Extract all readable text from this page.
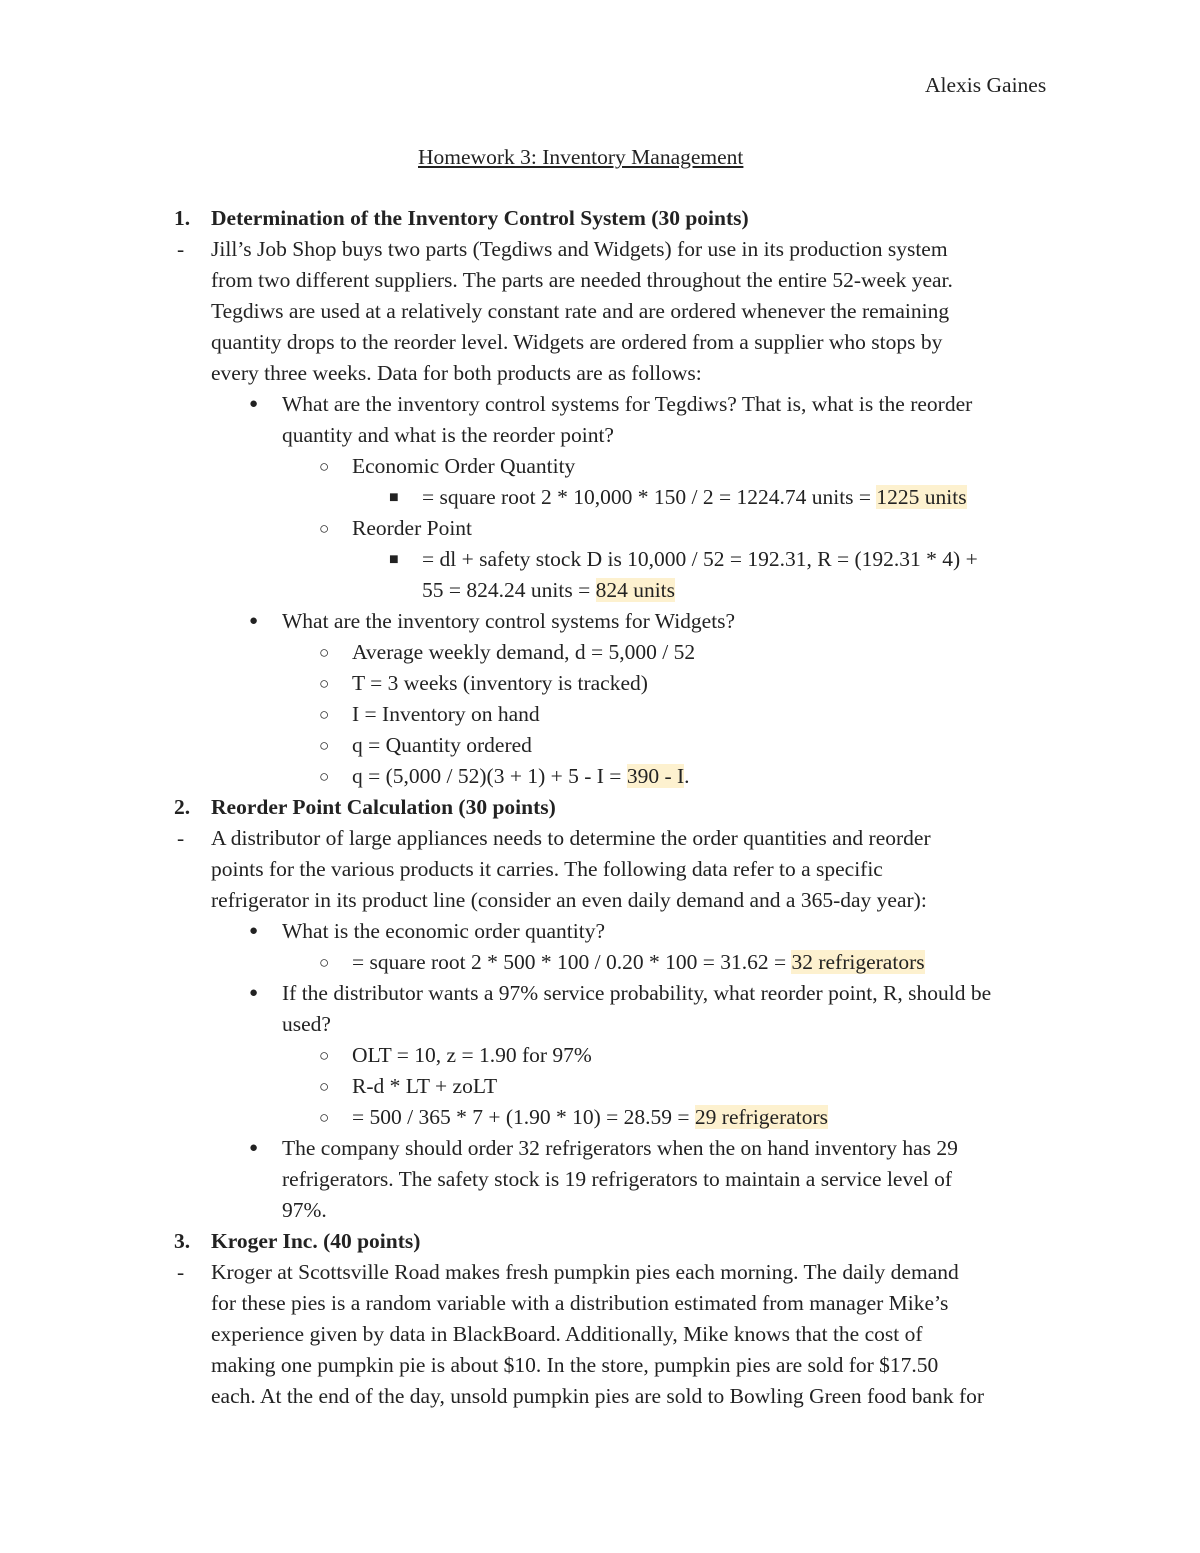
Alexis Gaines
Homework 3: Inventory Management
1. Determination of the Inventory Control System (30 points)
- Jill’s Job Shop buys two parts (Tegdiws and Widgets) for use in its production system
from two different suppliers. The parts are needed throughout the entire 52-week year.
Tegdiws are used at a relatively constant rate and are ordered whenever the remaining
quantity drops to the reorder level. Widgets are ordered from a supplier who stops by
every three weeks. Data for both products are as follows:
● What are the inventory control systems for Tegdiws? That is, what is the reorder
quantity and what is the reorder point?
○ Economic Order Quantity
■ = square root 2 * 10,000 * 150 / 2 = 1224.74 units = 1225 units
○ Reorder Point
■ = dl + safety stock D is 10,000 / 52 = 192.31, R = (192.31 * 4) +
55 = 824.24 units = 824 units
● What are the inventory control systems for Widgets?
○ Average weekly demand, d = 5,000 / 52
○ T = 3 weeks (inventory is tracked)
○ I = Inventory on hand
○ q = Quantity ordered
○ q = (5,000 / 52)(3 + 1) + 5 - I = 390 - I.
2. Reorder Point Calculation (30 points)
- A distributor of large appliances needs to determine the order quantities and reorder
points for the various products it carries. The following data refer to a specific
refrigerator in its product line (consider an even daily demand and a 365-day year):
● What is the economic order quantity?
○ = square root 2 * 500 * 100 / 0.20 * 100 = 31.62 = 32 refrigerators
● If the distributor wants a 97% service probability, what reorder point, R, should be
used?
○ OLT = 10, z = 1.90 for 97%
○ R-d * LT + zoLT
○ = 500 / 365 * 7 + (1.90 * 10) = 28.59 = 29 refrigerators
● The company should order 32 refrigerators when the on hand inventory has 29
refrigerators. The safety stock is 19 refrigerators to maintain a service level of
97%.
3. Kroger Inc. (40 points)
- Kroger at Scottsville Road makes fresh pumpkin pies each morning. The daily demand
for these pies is a random variable with a distribution estimated from manager Mike’s
experience given by data in BlackBoard. Additionally, Mike knows that the cost of
making one pumpkin pie is about $10. In the store, pumpkin pies are sold for $17.50
each. At the end of the day, unsold pumpkin pies are sold to Bowling Green food bank for
